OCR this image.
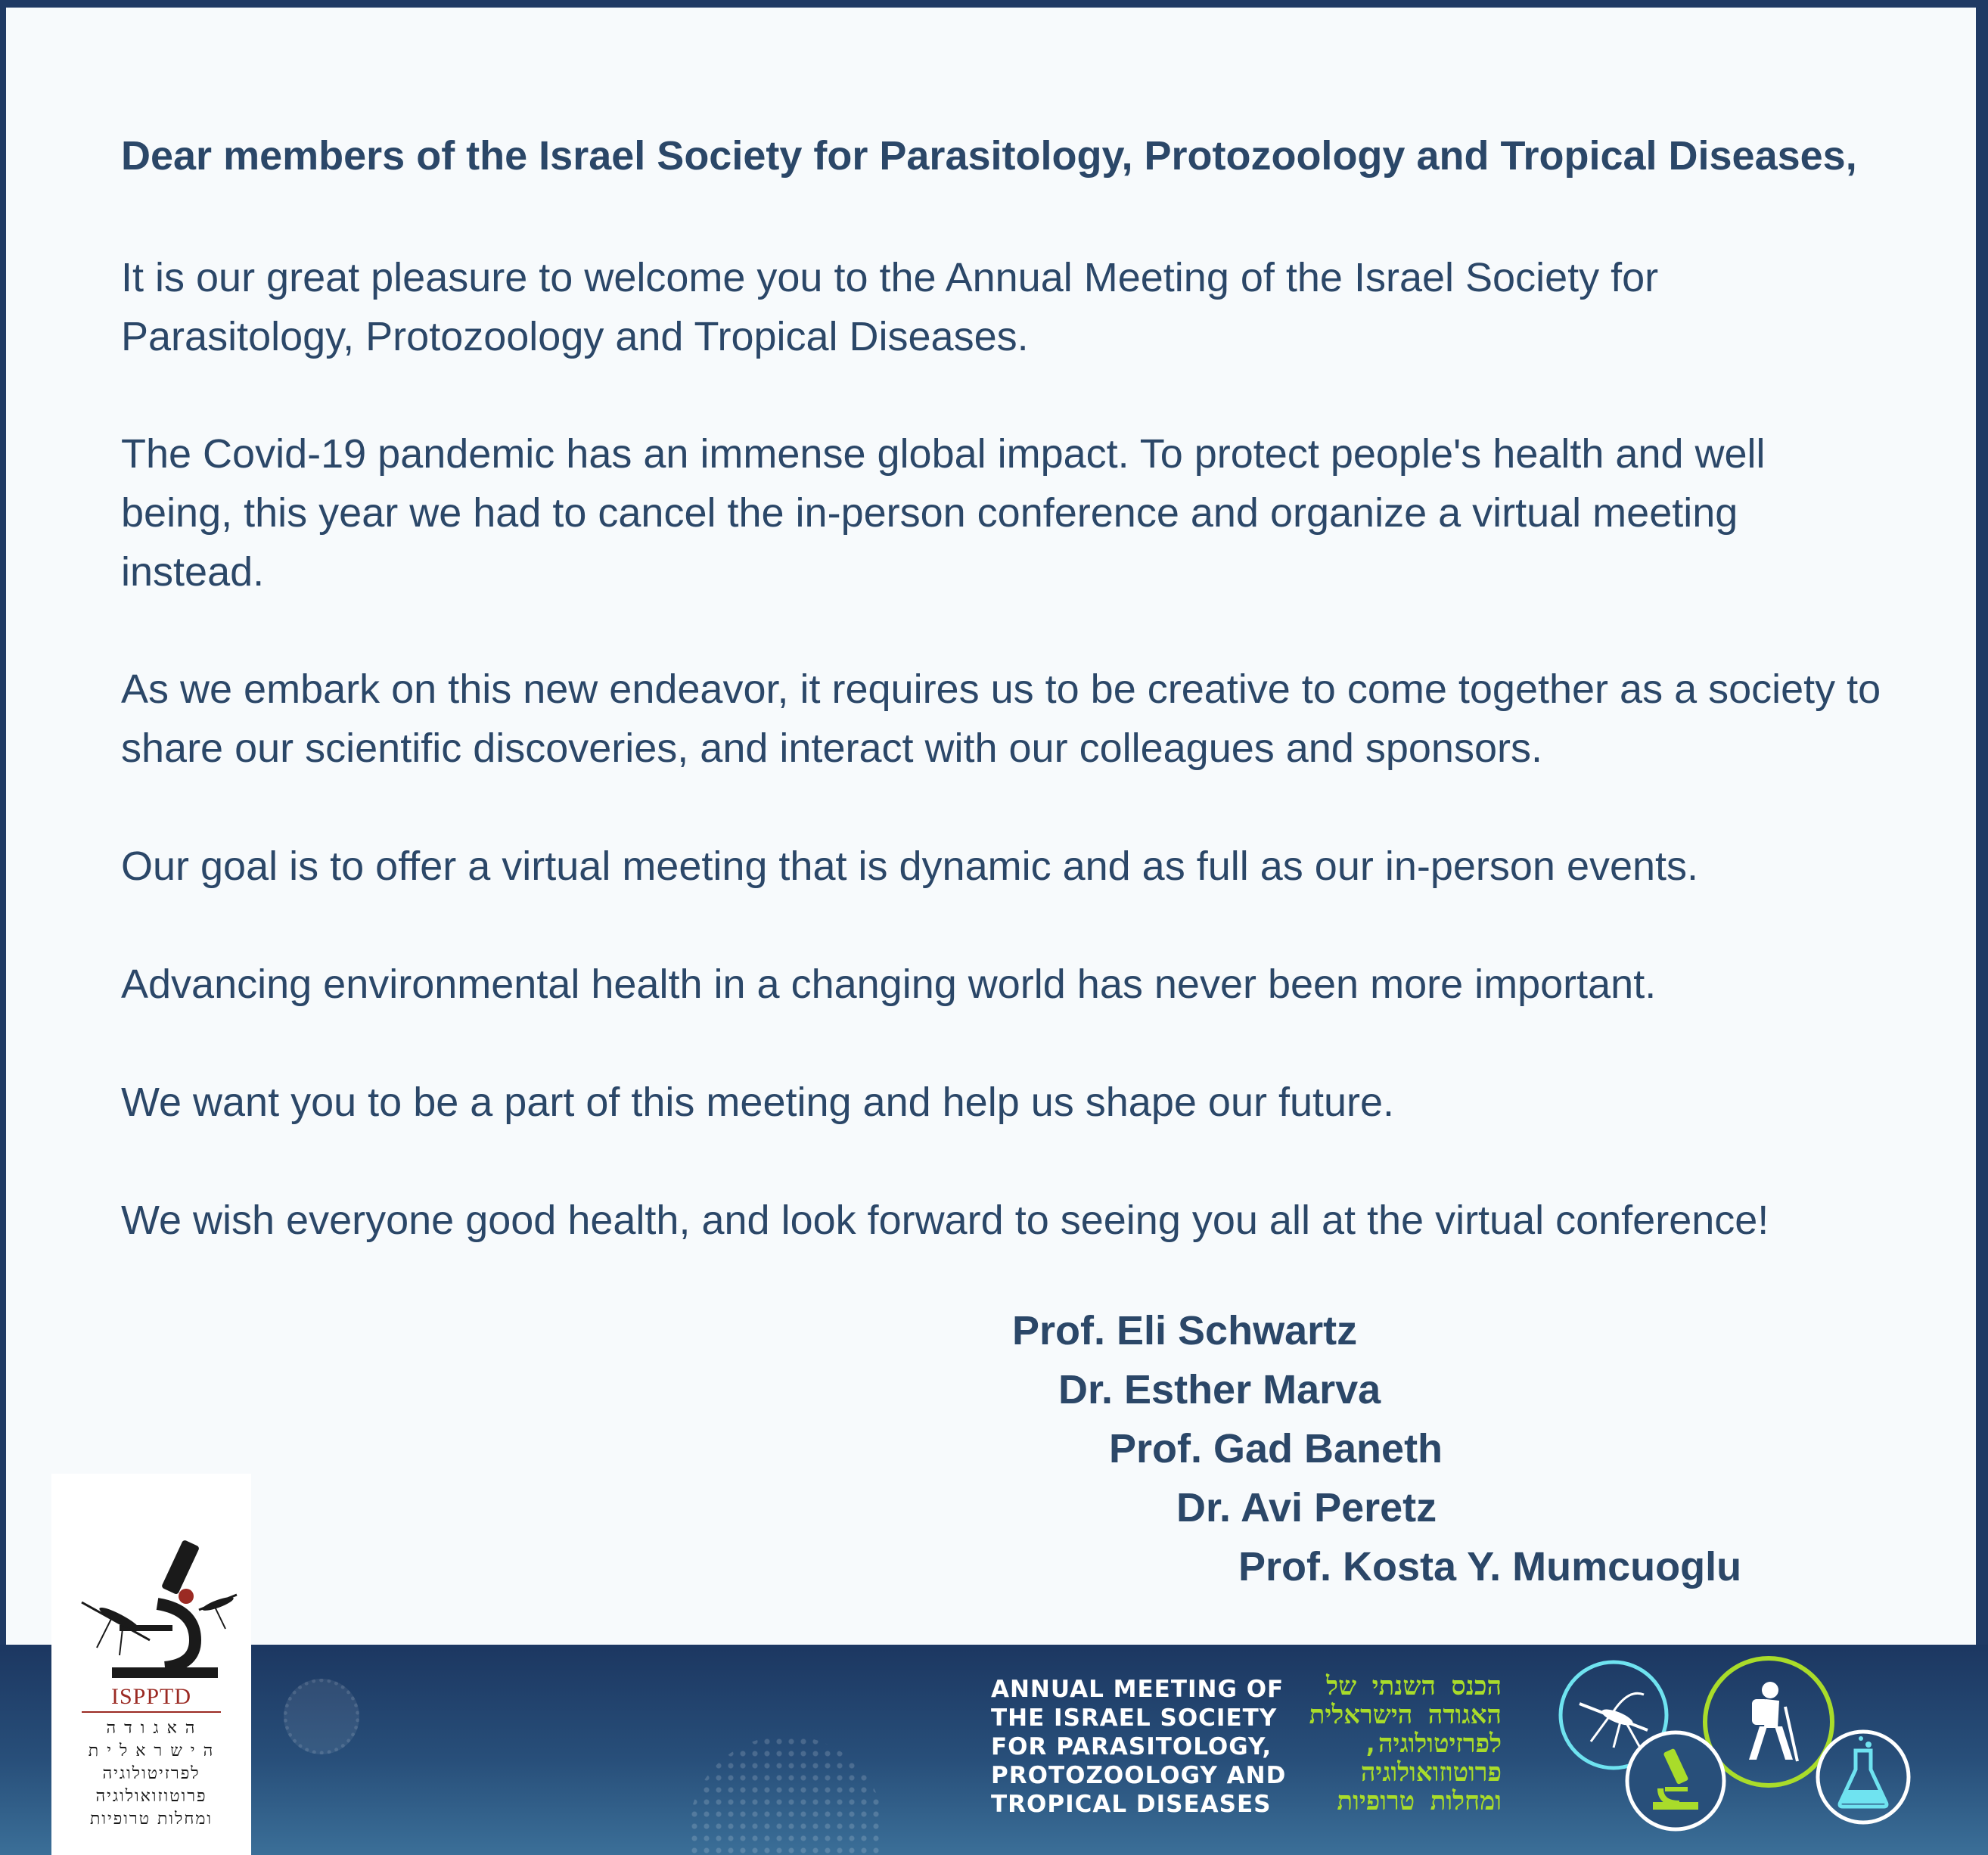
Dear members of the Israel Society for Parasitology, Protozoology and Tropical Diseases,

It is our great pleasure to welcome you to the Annual Meeting of the Israel Society for Parasitology, Protozoology and Tropical Diseases.

The Covid-19 pandemic has an immense global impact. To protect people's health and well being, this year we had to cancel the in-person conference and organize a virtual meeting instead.

As we embark on this new endeavor, it requires us to be creative to come together as a society to share our scientific discoveries, and interact with our colleagues and sponsors.

Our goal is to offer a virtual meeting that is dynamic and as full as our in-person events.

Advancing environmental health in a changing world has never been more important.

We want you to be a part of this meeting and help us shape our future.

We wish everyone good health, and look forward to seeing you all at the virtual conference!

Prof. Eli Schwartz

Dr. Esther Marva

Prof. Gad Baneth

Dr. Avi Peretz

Prof. Kosta Y. Mumcuoglu

ANNUAL MEETING OF
THE ISRAEL SOCIETY
FOR PARASITOLOGY,
PROTOZOOLOGY AND
TROPICAL DISEASES

הכנס השנתי של
האגודה הישראלית
לפרזיטולוגיה,
פרוטוזואולוגיה
ומחלות טרופיות

ISPPTD

ה א ג ו ד ה
ה י ש ר א ל י ת
לפרזיטולוגיה
פרוטוזואולוגיה
ומחלות טרופיות
